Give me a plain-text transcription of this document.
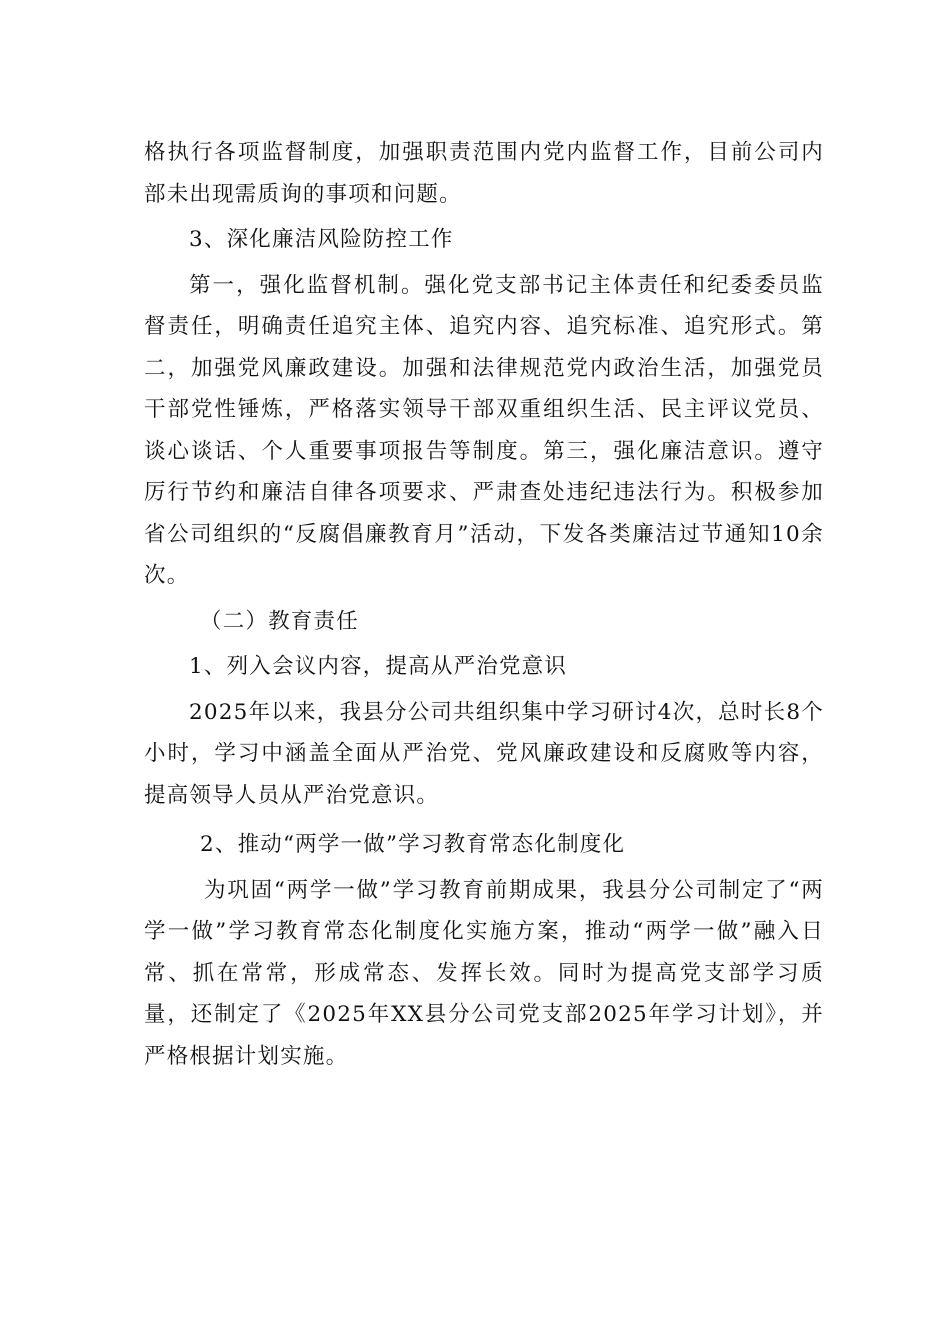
格执行各项监督制度，加强职责范围内党内监督工作，目前公司内部未出现需质询的事项和问题。

3、深化廉洁风险防控工作

第一，强化监督机制。强化党支部书记主体责任和纪委委员监督责任，明确责任追究主体、追究内容、追究标准、追究形式。第二，加强党风廉政建设。加强和法律规范党内政治生活，加强党员干部党性锤炼，严格落实领导干部双重组织生活、民主评议党员、谈心谈话、个人重要事项报告等制度。第三，强化廉洁意识。遵守厉行节约和廉洁自律各项要求、严肃查处违纪违法行为。积极参加省公司组织的“反腐倡廉教育月”活动，下发各类廉洁过节通知10余次。

（二）教育责任

1、列入会议内容，提高从严治党意识

2025年以来，我县分公司共组织集中学习研讨4次，总时长8个小时，学习中涵盖全面从严治党、党风廉政建设和反腐败等内容，提高领导人员从严治党意识。

2、推动“两学一做”学习教育常态化制度化

为巩固“两学一做”学习教育前期成果，我县分公司制定了“两学一做”学习教育常态化制度化实施方案，推动“两学一做”融入日常、抓在常常，形成常态、发挥长效。同时为提高党支部学习质量，还制定了《2025年XX县分公司党支部2025年学习计划》，并严格根据计划实施。
